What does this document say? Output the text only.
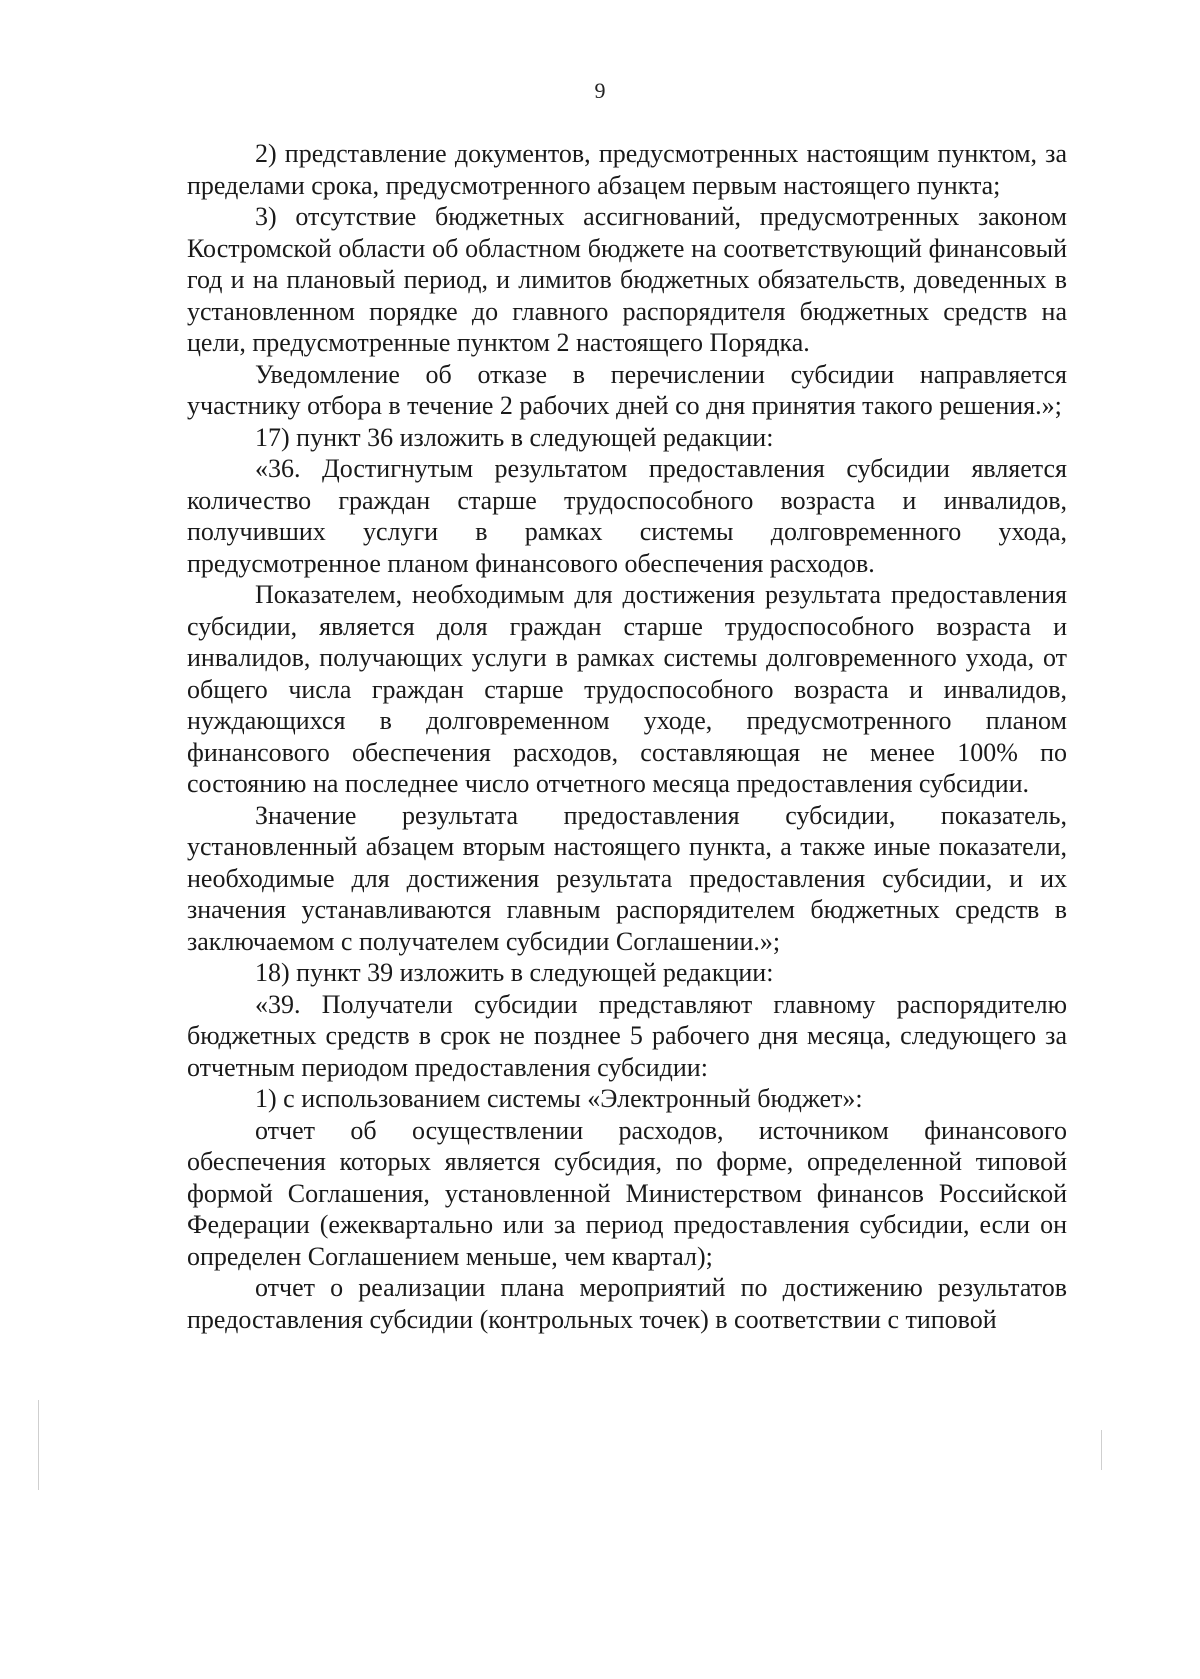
9

2) представление документов, предусмотренных настоящим пунктом, за пределами срока, предусмотренного абзацем первым настоящего пункта;

3) отсутствие бюджетных ассигнований, предусмотренных законом Костромской области об областном бюджете на соответствующий финансовый год и на плановый период, и лимитов бюджетных обязательств, доведенных в установленном порядке до главного распорядителя бюджетных средств на цели, предусмотренные пунктом 2 настоящего Порядка.

Уведомление об отказе в перечислении субсидии направляется участнику отбора в течение 2 рабочих дней со дня принятия такого решения.»;

17) пункт 36 изложить в следующей редакции:

«36. Достигнутым результатом предоставления субсидии является количество граждан старше трудоспособного возраста и инвалидов, получивших услуги в рамках системы долговременного ухода, предусмотренное планом финансового обеспечения расходов.

Показателем, необходимым для достижения результата предоставления субсидии, является доля граждан старше трудоспособного возраста и инвалидов, получающих услуги в рамках системы долговременного ухода, от общего числа граждан старше трудоспособного возраста и инвалидов, нуждающихся в долговременном уходе, предусмотренного планом финансового обеспечения расходов, составляющая не менее 100% по состоянию на последнее число отчетного месяца предоставления субсидии.

Значение результата предоставления субсидии, показатель, установленный абзацем вторым настоящего пункта, а также иные показатели, необходимые для достижения результата предоставления субсидии, и их значения устанавливаются главным распорядителем бюджетных средств в заключаемом с получателем субсидии Соглашении.»;

18) пункт 39 изложить в следующей редакции:

«39. Получатели субсидии представляют главному распорядителю бюджетных средств в срок не позднее 5 рабочего дня месяца, следующего за отчетным периодом предоставления субсидии:

1) с использованием системы «Электронный бюджет»:

отчет об осуществлении расходов, источником финансового обеспечения которых является субсидия, по форме, определенной типовой формой Соглашения, установленной Министерством финансов Российской Федерации (ежеквартально или за период предоставления субсидии, если он определен Соглашением меньше, чем квартал);

отчет о реализации плана мероприятий по достижению результатов предоставления субсидии (контрольных точек) в соответствии с типовой
